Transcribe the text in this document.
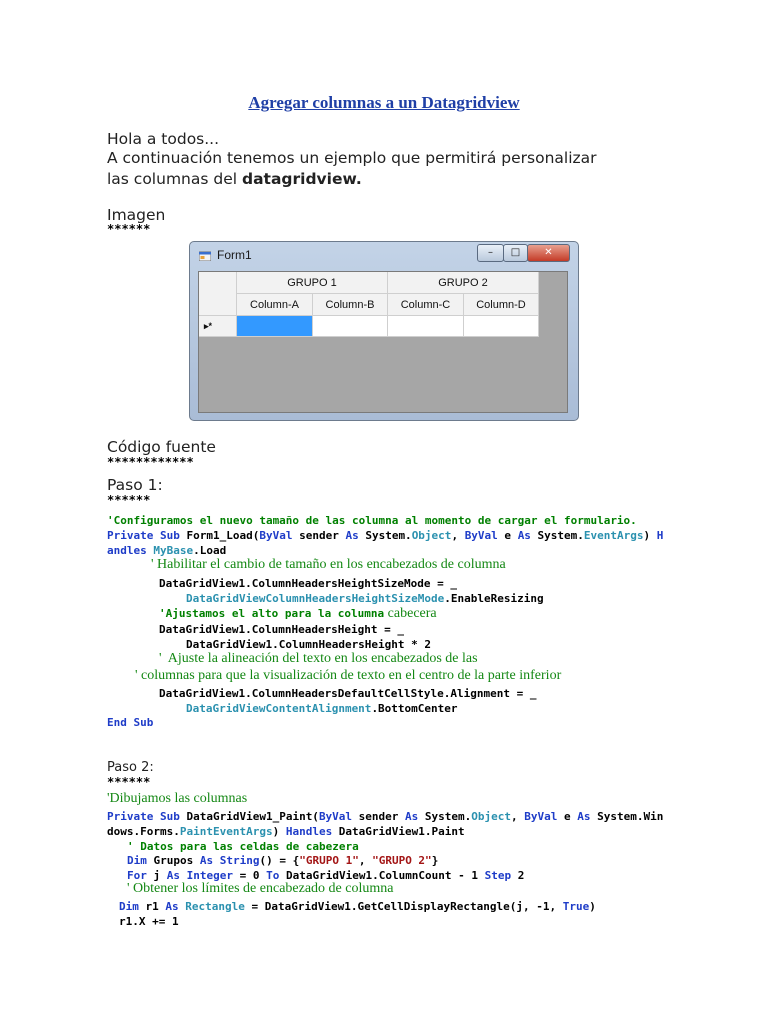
Agregar columnas a un Datagridview
Hola a todos...
A continuación tenemos un ejemplo que permitirá personalizar
las columnas del datagridview.
Imagen
******
Form1	–	□	✕
GRUPO 1	GRUPO 2
Column-A	Column-B	Column-C	Column-D
▸*
Código fuente
************
Paso 1:
******
'Configuramos el nuevo tamaño de las columna al momento de cargar el formulario.
Private Sub Form1_Load(ByVal sender As System.Object, ByVal e As System.EventArgs) H
andles MyBase.Load
' Habilitar el cambio de tamaño en los encabezados de columna
DataGridView1.ColumnHeadersHeightSizeMode = _
DataGridViewColumnHeadersHeightSizeMode.EnableResizing
'Ajustamos el alto para la columna cabecera
DataGridView1.ColumnHeadersHeight = _
DataGridView1.ColumnHeadersHeight * 2
'  Ajuste la alineación del texto en los encabezados de las
' columnas para que la visualización de texto en el centro de la parte inferior
DataGridView1.ColumnHeadersDefaultCellStyle.Alignment = _
DataGridViewContentAlignment.BottomCenter
End Sub
Paso 2:
******
'Dibujamos las columnas
Private Sub DataGridView1_Paint(ByVal sender As System.Object, ByVal e As System.Win
dows.Forms.PaintEventArgs) Handles DataGridView1.Paint
' Datos para las celdas de cabezera
Dim Grupos As String() = {"GRUPO 1", "GRUPO 2"}
For j As Integer = 0 To DataGridView1.ColumnCount - 1 Step 2
' Obtener los límites de encabezado de columna
Dim r1 As Rectangle = DataGridView1.GetCellDisplayRectangle(j, -1, True)
r1.X += 1
